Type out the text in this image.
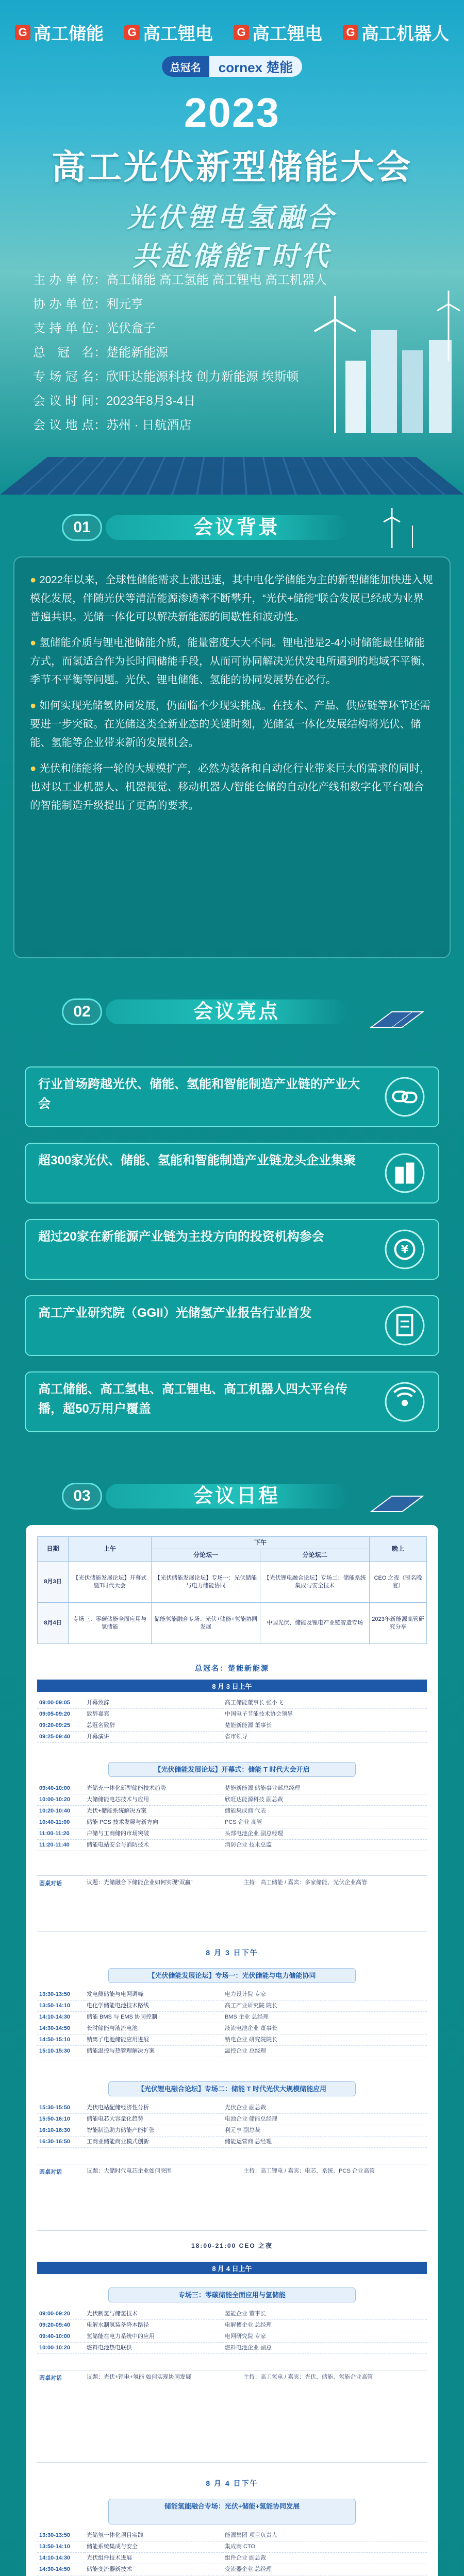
G 高工储能 G 高工锂电 G 高工锂电 G 高工机器人
总冠名	cornex 楚能
2023
高工光伏新型储能大会
光伏锂电氢融合
共赴储能T时代
主办单位：高工储能 高工氢能 高工锂电 高工机器人
协办单位：利元亨
支持单位：光伏盒子
总 冠 名：楚能新能源
专场冠名：欣旺达能源科技 创力新能源 埃斯顿
会议时间：2023年8月3-4日
会议地点：苏州 · 日航酒店
01	会议背景

● 2022年以来，全球性储能需求上涨迅速，其中电化学储能为主的新型储能加快进入规模化发展，伴随光伏等清洁能源渗透率不断攀升，“光伏+储能”联合发展已经成为业界普遍共识。光储一体化可以解决新能源的间歇性和波动性。

● 氢储能介质与锂电池储能介质，能量密度大大不同。锂电池是2-4小时储能最佳储能方式，而氢适合作为长时间储能手段，从而可协同解决光伏发电所遇到的地域不平衡、季节不平衡等问题。光伏、锂电储能、氢能的协同发展势在必行。

● 如何实现光储氢协同发展，仍面临不少现实挑战。在技术、产品、供应链等环节还需要进一步突破。在光储这类全新业态的关键时刻，光储氢一体化发展结构将光伏、储能、氢能等企业带来新的发展机会。

● 光伏和储能将一轮的大规模扩产，必然为装备和自动化行业带来巨大的需求的同时，也对以工业机器人、机器视觉、移动机器人/智能仓储的自动化产线和数字化平台融合的智能制造升级提出了更高的要求。

02	会议亮点
行业首场跨越光伏、储能、氢能和智能制造产业链的产业大会
超300家光伏、储能、氢能和智能制造产业链龙头企业集聚
超过20家在新能源产业链为主投方向的投资机构参会
¥
高工产业研究院（GGII）光储氢产业报告行业首发
高工储能、高工氢电、高工锂电、高工机器人四大平台传播，超50万用户覆盖
03	会议日程
日期	上午	下午		晚上
		分论坛一	分论坛二	
8月3日	【光伏储能发展论坛】开幕式暨T时代大会	【光伏储能发展论坛】专场一：光伏储能与电力储能协同	【光伏锂电融合论坛】专场二：储能系统集成与安全技术	CEO 之夜（冠名晚宴）
8月4日	专场三：零碳储能全面应用与氢储能	储能氢能融合专场：光伏+储能+氢能协同发展	中国光伏、储能及锂电产业链智造专场	2023年新能源高管研究分享
总冠名：楚能新能源
8 月 3 日上午
09:00-09:05	开幕致辞	高工储能董事长 张小飞
09:05-09:20	致辞嘉宾	中国电子节能技术协会领导
09:20-09:25	总冠名致辞	楚能新能源 董事长
09:25-09:40	开幕演讲	省市领导
【光伏储能发展论坛】开幕式：储能 T 时代大会开启
09:40-10:00	光储充一体化新型储能技术趋势	楚能新能源 储能事业部总经理
10:00-10:20	大储储能电芯技术与应用	欣旺达能源科技 副总裁
10:20-10:40	光伏+储能系统解决方案	储能集成商 代表
10:40-11:00	储能 PCS 技术发展与新方向	PCS 企业 高管
11:00-11:20	户储与工商储的市场突破	头部电池企业 副总经理
11:20-11:40	储能电站安全与消防技术	消防企业 技术总监
圆桌对话	议题：光储融合下储能企业如何实现“双赢”	主持：高工储能 / 嘉宾：多家储能、光伏企业高管
8 月 3 日下午
【光伏储能发展论坛】专场一：光伏储能与电力储能协同
13:30-13:50	发电侧储能与电网调峰	电力设计院 专家
13:50-14:10	电化学储能电池技术路线	高工产业研究院 院长
14:10-14:30	储能 BMS 与 EMS 协同控制	BMS 企业 总经理
14:30-14:50	长时储能与液流电池	液流电池企业 董事长
14:50-15:10	钠离子电池储能应用进展	钠电企业 研究院院长
15:10-15:30	储能温控与热管理解决方案	温控企业 总经理
【光伏锂电融合论坛】专场二：储能 T 时代光伏大规模储能应用
15:30-15:50	光伏电站配储经济性分析	光伏企业 副总裁
15:50-16:10	储能电芯大容量化趋势	电池企业 储能总经理
16:10-16:30	智能制造助力储能产能扩张	利元亨 副总裁
16:30-16:50	工商业储能商业模式创新	储能运营商 总经理
圆桌对话	议题：大储时代电芯企业如何突围	主持：高工锂电 / 嘉宾：电芯、系统、PCS 企业高管
18:00-21:00 CEO 之夜
8 月 4 日上午
专场三：零碳储能全面应用与氢储能
09:00-09:20	光伏制氢与储氢技术	氢能企业 董事长
09:20-09:40	电解水制氢装备降本路径	电解槽企业 总经理
09:40-10:00	氢储能在电力系统中的应用	电网研究院 专家
10:00-10:20	燃料电池热电联供	燃料电池企业 副总
圆桌对话	议题：光伏+锂电+氢能 如何实现协同发展	主持：高工氢电 / 嘉宾：光伏、储能、氢能企业高管
8 月 4 日下午
储能氢能融合专场：光伏+储能+氢能协同发展
13:30-13:50	光储氢一体化项目实践	能源集团 项目负责人
13:50-14:10	储能系统集成与安全	集成商 CTO
14:10-14:30	光伏组件技术进展	组件企业 副总裁
14:30-14:50	储能变流器新技术	变流器企业 总经理
